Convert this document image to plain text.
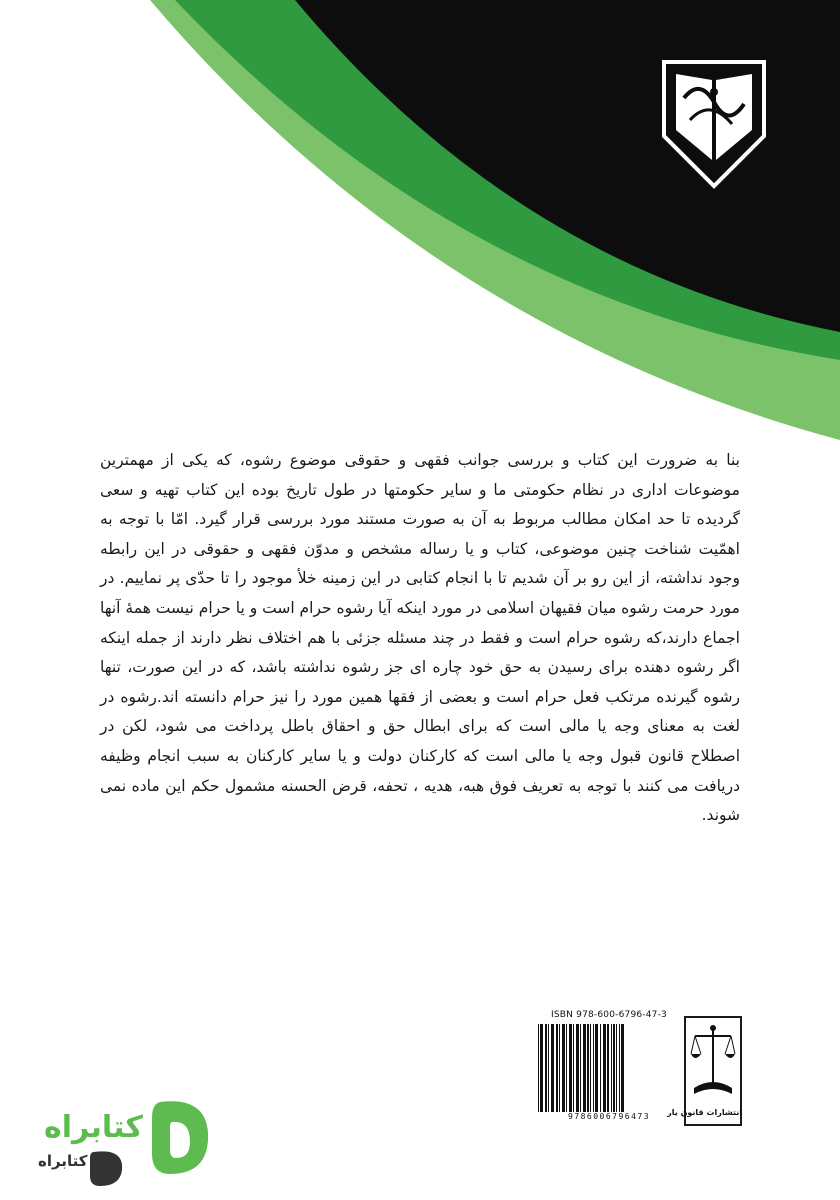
بنا به ضرورت این کتاب و بررسی جوانب فقهی و حقوقی موضوع رشوه، که یکی از مهمترین موضوعات اداری در نظام حکومتی ما و سایر حکومتها در طول تاریخ بوده این کتاب تهیه و سعی گردیده تا حد امکان مطالب مربوط به آن به صورت مستند مورد بررسی قرار گیرد. امّا با توجه به اهمّیت شناخت چنین موضوعی، کتاب و یا رساله مشخص و مدوّن فقهی و حقوقی در این رابطه وجود نداشته، از این رو بر آن شدیم تا با انجام کتابی در این زمینه خلأ موجود را تا حدّی پر نماییم. در مورد حرمت رشوه میان فقیهان اسلامی در مورد اینکه آیا رشوه حرام است و یا حرام نیست همهٔ آنها اجماع دارند،که رشوه حرام است و فقط در چند مسئله جزئی با هم اختلاف نظر دارند از جمله اینکه اگر رشوه دهنده برای رسیدن به حق خود چاره ای جز رشوه نداشته باشد، که در این صورت، تنها رشوه گیرنده مرتکب فعل حرام است و بعضی از فقها همین مورد را نیز حرام دانسته اند.رشوه در لغت به معنای وجه یا مالی است که برای ابطال حق و احقاق باطل پرداخت می شود، لکن در اصطلاح قانون قبول وجه یا مالی است که کارکنان دولت و یا سایر کارکنان به سبب انجام وظیفه دریافت می کنند با توجه به تعریف فوق هبه، هدیه ، تحفه، قرض الحسنه مشمول حکم این ماده نمی شوند.

ISBN 978-600-6796-47-3
9786006796473	انتشارات قانون یار
کتابراه
کتابراه
